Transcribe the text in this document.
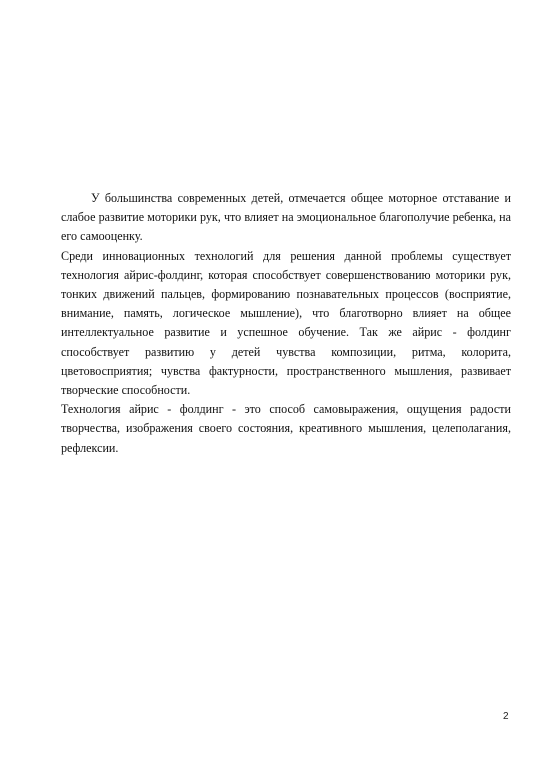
У большинства современных детей, отмечается общее моторное отставание и слабое развитие моторики рук, что влияет на эмоциональное благополучие ребенка, на его самооценку.

Среди инновационных технологий для решения данной проблемы существует технология айрис-фолдинг, которая способствует совершенствованию моторики рук, тонких движений пальцев, формированию познавательных процессов (восприятие, внимание, память, логическое мышление), что благотворно влияет на общее интеллектуальное развитие и успешное обучение. Так же айрис - фолдинг способствует развитию у детей чувства композиции, ритма, колорита, цветовосприятия; чувства фактурности, пространственного мышления, развивает творческие способности.

Технология айрис - фолдинг - это способ самовыражения, ощущения радости творчества, изображения своего состояния, креативного мышления, целеполагания, рефлексии.

2
